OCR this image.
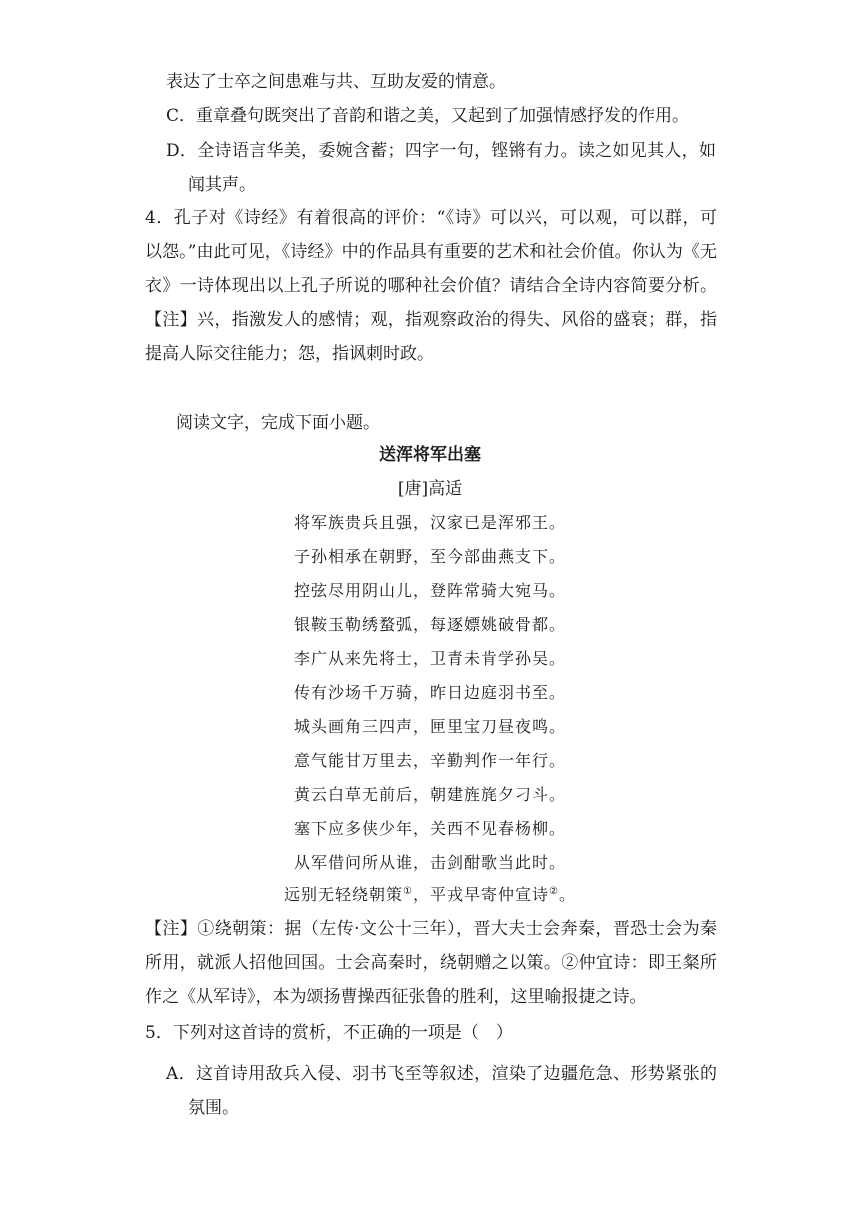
表达了士卒之间患难与共、互助友爱的情意。
C．重章叠句既突出了音韵和谐之美，又起到了加强情感抒发的作用。
D．全诗语言华美，委婉含蓄；四字一句，铿锵有力。读之如见其人，如
闻其声。
4．孔子对《诗经》有着很高的评价：“《诗》可以兴，可以观，可以群，可
以怨。”由此可见，《诗经》中的作品具有重要的艺术和社会价值。你认为《无
衣》一诗体现出以上孔子所说的哪种社会价值？请结合全诗内容简要分析。
【注】兴，指激发人的感情；观，指观察政治的得失、风俗的盛衰；群，指
提高人际交往能力；怨，指讽刺时政。
阅读文字，完成下面小题。
送浑将军出塞
[唐]高适
将军族贵兵且强，汉家已是浑邪王。
子孙相承在朝野，至今部曲燕支下。
控弦尽用阴山儿，登阵常骑大宛马。
银鞍玉勒绣蝥弧，每逐嫖姚破骨都。
李广从来先将士，卫青未肯学孙吴。
传有沙场千万骑，昨日边庭羽书至。
城头画角三四声，匣里宝刀昼夜鸣。
意气能甘万里去，辛勤判作一年行。
黄云白草无前后，朝建旌旄夕刁斗。
塞下应多侠少年，关西不见春杨柳。
从军借问所从谁，击剑酣歌当此时。
远别无轻绕朝策①，平戎早寄仲宣诗②。
【注】①绕朝策：据（左传·文公十三年），晋大夫士会奔秦，晋恐士会为秦
所用，就派人招他回国。士会高秦时，绕朝赠之以策。②仲宜诗：即王粲所
作之《从军诗》，本为颂扬曹操西征张鲁的胜利，这里喻报捷之诗。
5．下列对这首诗的赏析，不正确的一项是（　）
A．这首诗用敌兵入侵、羽书飞至等叙述，渲染了边疆危急、形势紧张的
氛围。
